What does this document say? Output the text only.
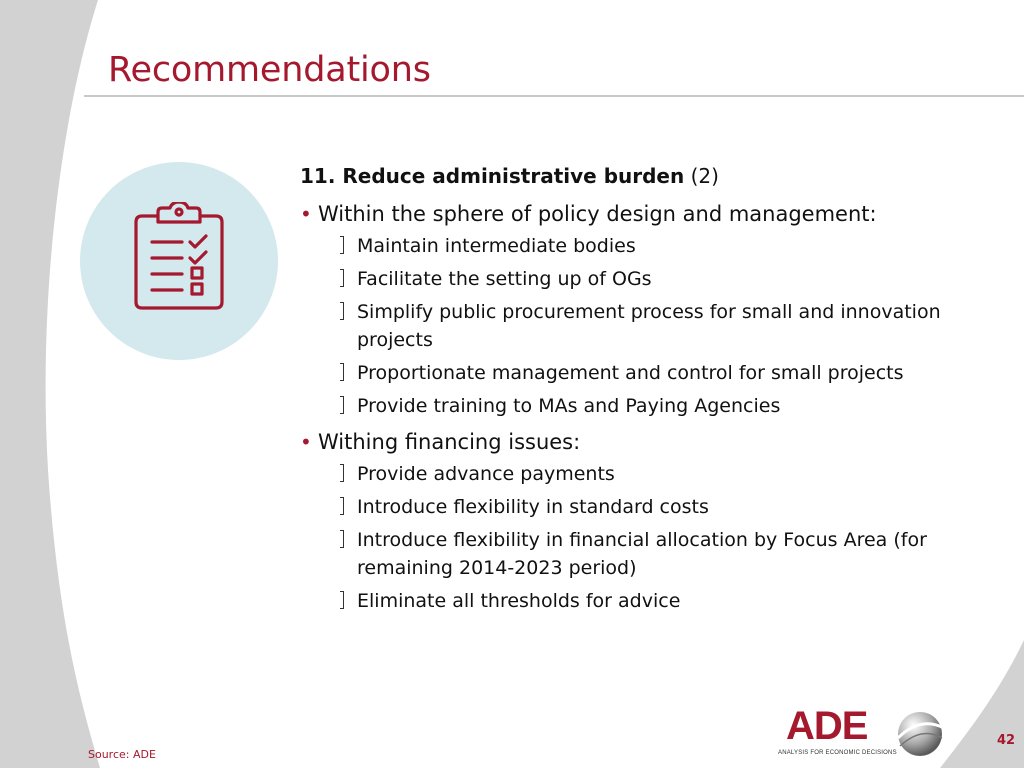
Recommendations

11. Reduce administrative burden (2)

• Within the sphere of policy design and management:
Maintain intermediate bodies
Facilitate the setting up of OGs
Simplify public procurement process for small and innovation projects
Proportionate management and control for small projects
Provide training to MAs and Paying Agencies
• Withing financing issues:
Provide advance payments
Introduce flexibility in standard costs
Introduce flexibility in financial allocation by Focus Area (for remaining 2014-2023 period)
Eliminate all thresholds for advice
ADE
ANALYSIS FOR ECONOMIC DECISIONS
Source: ADE
42
